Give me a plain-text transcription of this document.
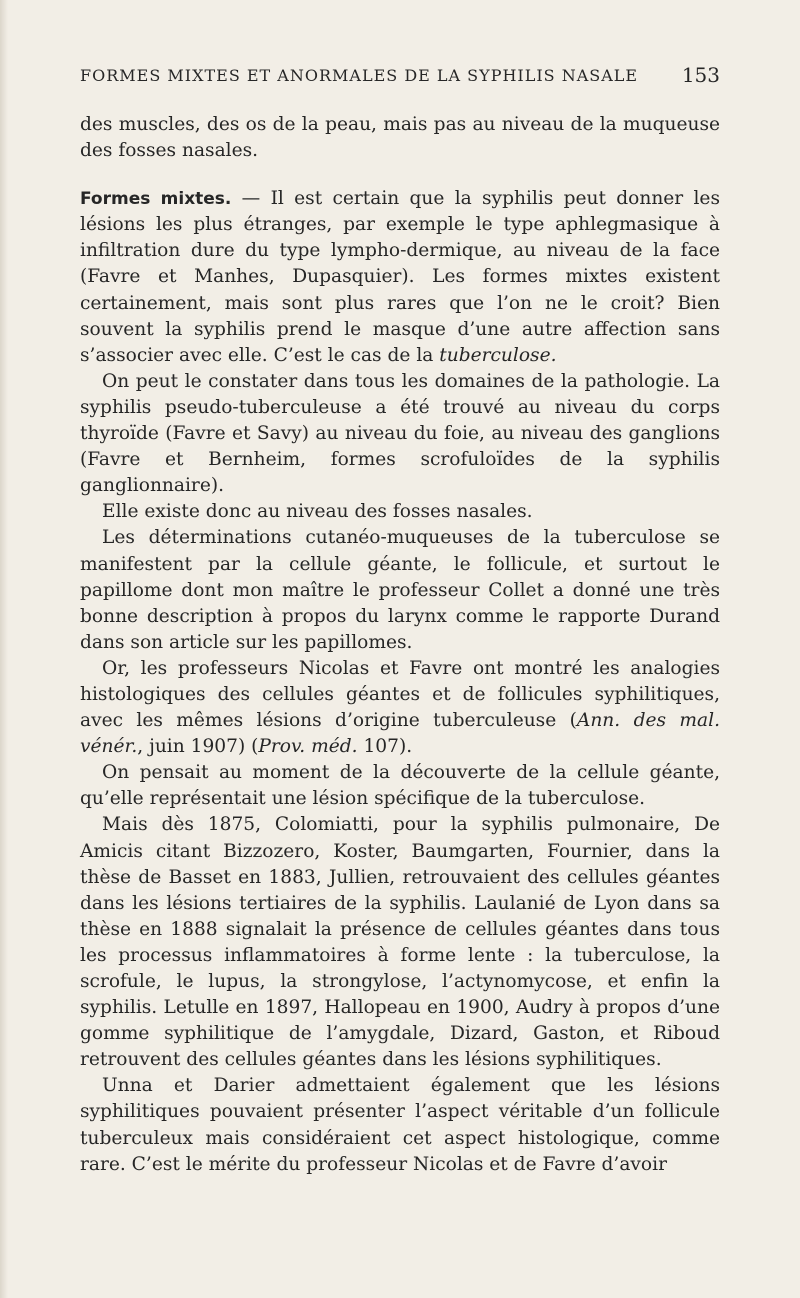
FORMES MIXTES ET ANORMALES DE LA SYPHILIS NASALE 153

des muscles, des os de la peau, mais pas au niveau de la muqueuse des fosses nasales.

Formes mixtes. — Il est certain que la syphilis peut donner les lésions les plus étranges, par exemple le type aphlegmasique à infiltration dure du type lympho-dermique, au niveau de la face (Favre et Manhes, Dupasquier). Les formes mixtes existent certainement, mais sont plus rares que l’on ne le croit? Bien souvent la syphilis prend le masque d’une autre affection sans s’associer avec elle. C’est le cas de la tuberculose.

On peut le constater dans tous les domaines de la pathologie. La syphilis pseudo-tuberculeuse a été trouvé au niveau du corps thyroïde (Favre et Savy) au niveau du foie, au niveau des ganglions (Favre et Bernheim, formes scrofuloïdes de la syphilis ganglionnaire).

Elle existe donc au niveau des fosses nasales.

Les déterminations cutanéo-muqueuses de la tuberculose se manifestent par la cellule géante, le follicule, et surtout le papillome dont mon maître le professeur Collet a donné une très bonne description à propos du larynx comme le rapporte Durand dans son article sur les papillomes.

Or, les professeurs Nicolas et Favre ont montré les analogies histologiques des cellules géantes et de follicules syphilitiques, avec les mêmes lésions d’origine tuberculeuse (Ann. des mal. vénér., juin 1907) (Prov. méd. 107).

On pensait au moment de la découverte de la cellule géante, qu’elle représentait une lésion spécifique de la tuberculose.

Mais dès 1875, Colomiatti, pour la syphilis pulmonaire, De Amicis citant Bizzozero, Koster, Baumgarten, Fournier, dans la thèse de Basset en 1883, Jullien, retrouvaient des cellules géantes dans les lésions tertiaires de la syphilis. Laulanié de Lyon dans sa thèse en 1888 signalait la présence de cellules géantes dans tous les processus inflammatoires à forme lente : la tuberculose, la scrofule, le lupus, la strongylose, l’actynomycose, et enfin la syphilis. Letulle en 1897, Hallopeau en 1900, Audry à propos d’une gomme syphilitique de l’amygdale, Dizard, Gaston, et Riboud retrouvent des cellules géantes dans les lésions syphilitiques.

Unna et Darier admettaient également que les lésions syphilitiques pouvaient présenter l’aspect véritable d’un follicule tuberculeux mais considéraient cet aspect histologique, comme rare. C’est le mérite du professeur Nicolas et de Favre d’avoir
